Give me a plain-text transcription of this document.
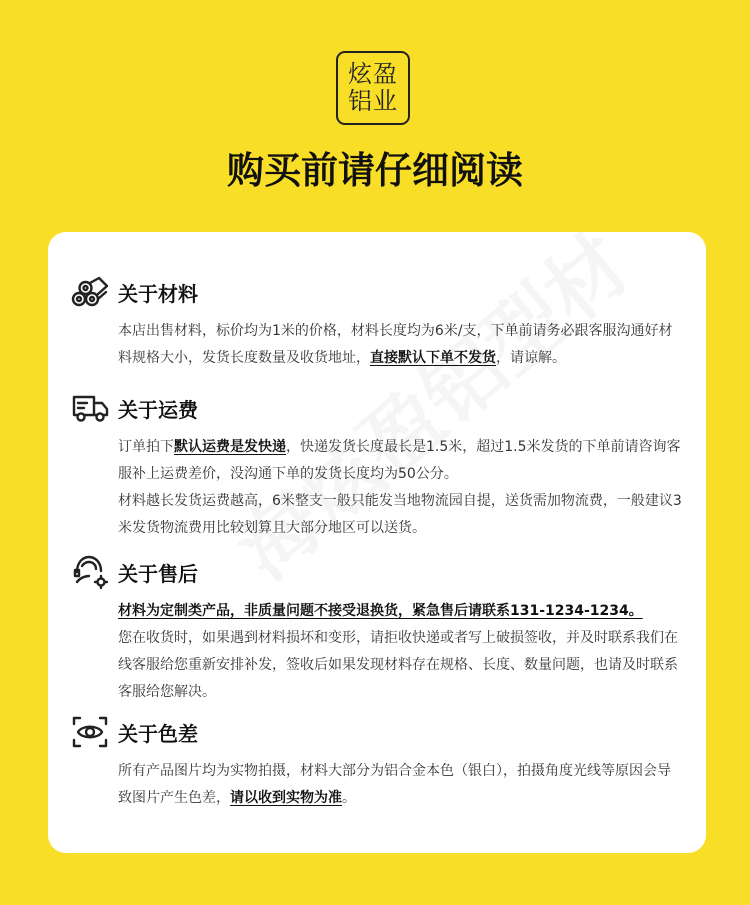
炫盈
铝业
购买前请仔细阅读
关于材料

本店出售材料，标价均为1米的价格，材料长度均为6米/支，下单前请务必跟客服沟通好材料规格大小，发货长度数量及收货地址，直接默认下单不发货，请谅解。

关于运费

订单拍下默认运费是发快递，快递发货长度最长是1.5米，超过1.5米发货的下单前请咨询客服补上运费差价，没沟通下单的发货长度均为50公分。

材料越长发货运费越高，6米整支一般只能发当地物流园自提，送货需加物流费，一般建议3米发货物流费用比较划算且大部分地区可以送货。

关于售后

材料为定制类产品，非质量问题不接受退换货，紧急售后请联系131-1234-1234。

您在收货时，如果遇到材料损坏和变形，请拒收快递或者写上破损签收，并及时联系我们在线客服给您重新安排补发，签收后如果发现材料存在规格、长度、数量问题，也请及时联系客服给您解决。

关于色差

所有产品图片均为实物拍摄，材料大部分为铝合金本色（银白），拍摄角度光线等原因会导致图片产生色差，请以收到实物为准。
